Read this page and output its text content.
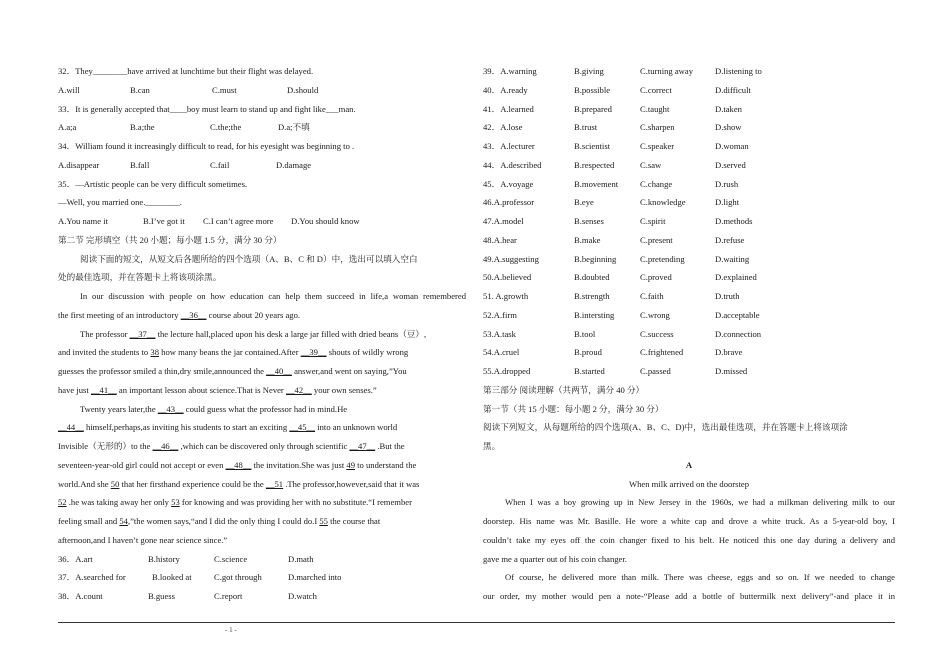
32．They________have arrived at lunchtime but their flight was delayed.
A.will	B.can	C.must	D.should
33．It is generally accepted that____boy must learn to stand up and fight like___man.
A.a;a	B.a;the	C.the;the	D.a;不填
34．William found it increasingly difficult to read, for his eyesight was beginning to .
A.disappear	B.fall	C.fail	D.damage
35．—Artistic people can be very difficult sometimes.
—Well, you married one.________.
A.You name it	B.I’ve got it C.I can’t agree more D.You should know
第二节 完形填空（共 20 小题；每小题 1.5 分，满分 30 分）
阅读下面的短文，从短文后各题所给的四个选项（A、B、C 和 D）中，选出可以填入空白
处的最佳选项，并在答题卡上将该项涂黑。
In our discussion with people on how education can help them succeed in life,a woman remembered
the first meeting of an introductory __36__ course about 20 years ago.
The professor __37__ the lecture hall,placed upon his desk a large jar filled with dried beans（豆）,
and invited the students to 38 how many beans the jar contained.After __39__ shouts of wildly wrong
guesses the professor smiled a thin,dry smile,announced the __40__ answer,and went on saying,”You
have just __41__ an important lesson about science.That is Never __42__ your own senses.”
Twenty years later,the __43__ could guess what the professor had in mind.He
__44__ himself,perhaps,as inviting his students to start an exciting __45__ into an unknown world
Invisible（无形的）to the __46__ ,which can be discovered only through scientific __47__ .But the
seventeen-year-old girl could not accept or even __48__ the invitation.She was just 49 to understand the
world.And she 50 that her firsthand experience could be the __51 .The professor,however,said that it was
52 .he was taking away her only 53 for knowing and was providing her with no substitute.“I remember
feeling small and 54,”the women says,“and I did the only thing I could do.I 55 the course that
afternoon,and I haven’t gone near science since.”
36．A.art	B.history	C.science	D.math
37．A.searched for	B.looked at	C.got through	D.marched into
38．A.count	B.guess	C.report	D.watch
39．A.warning	B.giving	C.turning away	D.listening to
40．A.ready	B.possible	C.correct	D.difficult
41．A.learned	B.prepared	C.taught	D.taken
42．A.lose	B.trust	C.sharpen	D.show
43．A.lecturer	B.scientist	C.speaker	D.woman
44．A.described	B.respected	C.saw	D.served
45．A.voyage	B.movement	C.change	D.rush
46.A.professor	B.eye	C.knowledge	D.light
47.A.model	B.senses	C.spirit	D.methods
48.A.hear	B.make	C.present	D.refuse
49.A.suggesting	B.beginning	C.pretending	D.waiting
50.A.believed	B.doubted	C.proved	D.explained
51. A.growth	B.strength	C.faith	D.truth
52.A.firm	B.intersting	C.wrong	D.acceptable
53.A.task	B.tool	C.success	D.connection
54.A.cruel	B.proud	C.frightened	D.brave
55.A.dropped	B.started	C.passed	D.missed
第三部分 阅读理解（共两节，满分 40 分）
第一节（共 15 小题：每小题 2 分，满分 30 分）
阅读下列短文，从每题所给的四个选项(A、B、C、D)中，选出最佳选项，并在答题卡上将该项涂
黑。
A
When milk arrived on the doorstep
When I was a boy growing up in New Jersey in the 1960s, we had a milkman delivering milk to our
doorstep. His name was Mr. Basille. He wore a white cap and drove a white truck. As a 5-year-old boy, I
couldn’t take my eyes off the coin changer fixed to his belt. He noticed this one day during a delivery and
gave me a quarter out of his coin changer.
Of course, he delivered more than milk. There was cheese, eggs and so on. If we needed to change
our order, my mother would pen a note-“Please add a bottle of buttermilk next delivery”-and place it in
- 1 -
